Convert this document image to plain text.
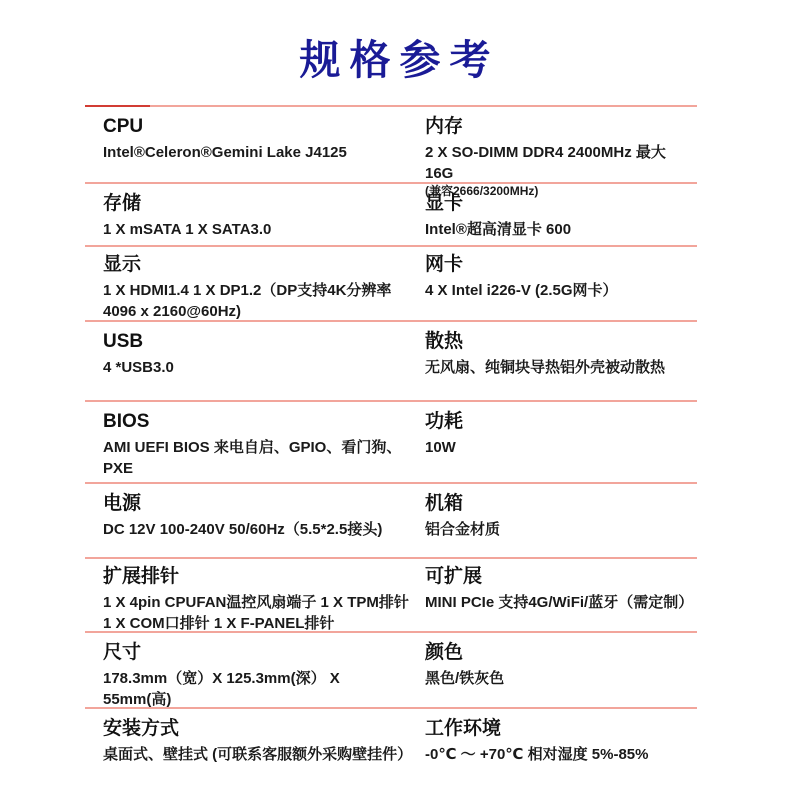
规格参考
CPU
Intel®Celeron®Gemini Lake J4125
内存
2 X SO-DIMM DDR4 2400MHz 最大16G
(兼容2666/3200MHz)
存储
1 X mSATA 1 X SATA3.0
显卡
Intel®超高清显卡 600
显示
1 X HDMI1.4 1 X DP1.2（DP支持4K分辨率
4096 x 2160@60Hz)
网卡
4 X Intel i226-V (2.5G网卡）
USB
4 *USB3.0
散热
无风扇、纯铜块导热铝外壳被动散热
BIOS
AMI UEFI BIOS 来电自启、GPIO、看门狗、PXE
功耗
10W
电源
DC 12V 100-240V 50/60Hz（5.5*2.5接头)
机箱
铝合金材质
扩展排针
1 X 4pin CPUFAN温控风扇端子 1 X TPM排针
1 X COM口排针 1 X F-PANEL排针
可扩展
MINI PCIe 支持4G/WiFi/蓝牙（需定制）
尺寸
178.3mm（宽）X 125.3mm(深） X 55mm(高)
颜色
黑色/铁灰色
安装方式
桌面式、壁挂式 (可联系客服额外采购壁挂件）
工作环境
-0℃ ～ +70℃ 相对湿度 5%-85%
